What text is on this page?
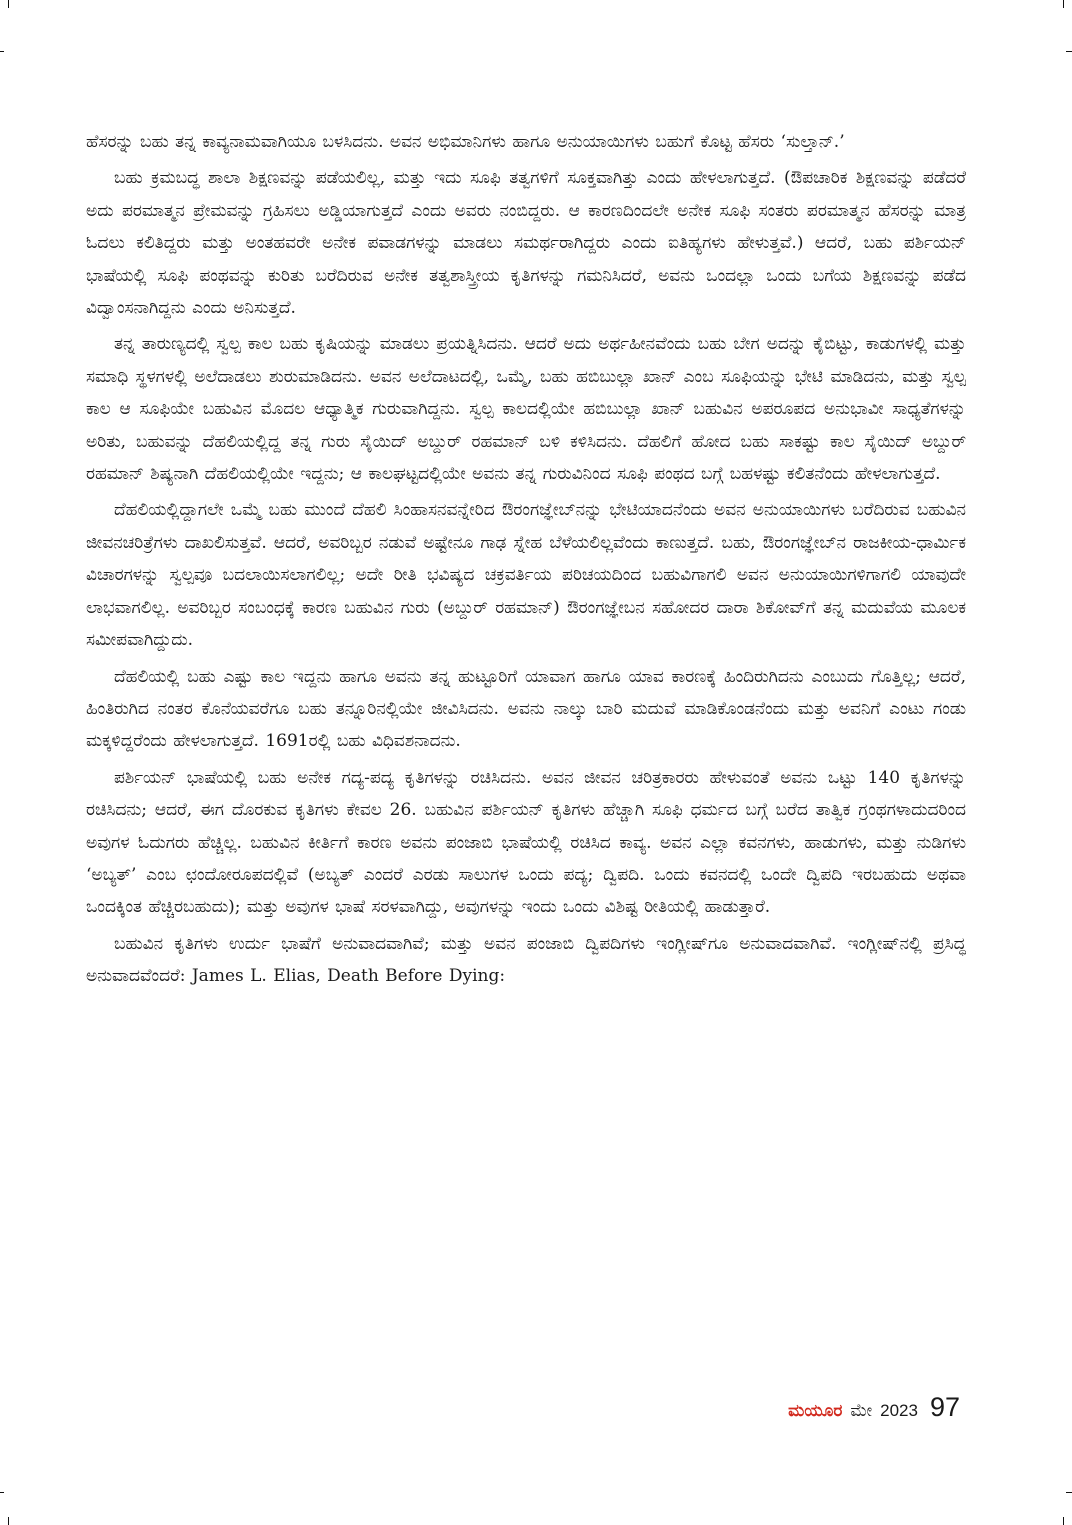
ಹೆಸರನ್ನು ಬಹು ತನ್ನ ಕಾವ್ಯನಾಮವಾಗಿಯೂ ಬಳಸಿದನು. ಅವನ ಅಭಿಮಾನಿಗಳು ಹಾಗೂ ಅನುಯಾಯಿಗಳು ಬಹುಗೆ ಕೊಟ್ಟ ಹೆಸರು ‘ಸುಲ್ತಾನ್.’

ಬಹು ಕ್ರಮಬದ್ಧ ಶಾಲಾ ಶಿಕ್ಷಣವನ್ನು ಪಡೆಯಲಿಲ್ಲ, ಮತ್ತು ಇದು ಸೂಫಿ ತತ್ವಗಳಿಗೆ ಸೂಕ್ತವಾಗಿತ್ತು ಎಂದು ಹೇಳಲಾಗುತ್ತದೆ. (ಔಪಚಾರಿಕ ಶಿಕ್ಷಣವನ್ನು ಪಡೆದರೆ ಅದು ಪರಮಾತ್ಮನ ಪ್ರೇಮವನ್ನು ಗ್ರಹಿಸಲು ಅಡ್ಡಿಯಾಗುತ್ತದೆ ಎಂದು ಅವರು ನಂಬಿದ್ದರು. ಆ ಕಾರಣದಿಂದಲೇ ಅನೇಕ ಸೂಫಿ ಸಂತರು ಪರಮಾತ್ಮನ ಹೆಸರನ್ನು ಮಾತ್ರ ಓದಲು ಕಲಿತಿದ್ದರು ಮತ್ತು ಅಂತಹವರೇ ಅನೇಕ ಪವಾಡಗಳನ್ನು ಮಾಡಲು ಸಮರ್ಥರಾಗಿದ್ದರು ಎಂದು ಐತಿಹ್ಯಗಳು ಹೇಳುತ್ತವೆ.) ಆದರೆ, ಬಹು ಪರ್ಶಿಯನ್ ಭಾಷೆಯಲ್ಲಿ ಸೂಫಿ ಪಂಥವನ್ನು ಕುರಿತು ಬರೆದಿರುವ ಅನೇಕ ತತ್ವಶಾಸ್ತ್ರೀಯ ಕೃತಿಗಳನ್ನು ಗಮನಿಸಿದರೆ, ಅವನು ಒಂದಲ್ಲಾ ಒಂದು ಬಗೆಯ ಶಿಕ್ಷಣವನ್ನು ಪಡೆದ ವಿದ್ವಾಂಸನಾಗಿದ್ದನು ಎಂದು ಅನಿಸುತ್ತದೆ.

ತನ್ನ ತಾರುಣ್ಯದಲ್ಲಿ ಸ್ವಲ್ಪ ಕಾಲ ಬಹು ಕೃಷಿಯನ್ನು ಮಾಡಲು ಪ್ರಯತ್ನಿಸಿದನು. ಆದರೆ ಅದು ಅರ್ಥಹೀನವೆಂದು ಬಹು ಬೇಗ ಅದನ್ನು ಕೈಬಿಟ್ಟು, ಕಾಡುಗಳಲ್ಲಿ ಮತ್ತು ಸಮಾಧಿ ಸ್ಥಳಗಳಲ್ಲಿ ಅಲೆದಾಡಲು ಶುರುಮಾಡಿದನು. ಅವನ ಅಲೆದಾಟದಲ್ಲಿ, ಒಮ್ಮೆ, ಬಹು ಹಬಿಬುಲ್ಲಾ ಖಾನ್ ಎಂಬ ಸೂಫಿಯನ್ನು ಭೇಟಿ ಮಾಡಿದನು, ಮತ್ತು ಸ್ವಲ್ಪ ಕಾಲ ಆ ಸೂಫಿಯೇ ಬಹುವಿನ ಮೊದಲ ಆಧ್ಯಾತ್ಮಿಕ ಗುರುವಾಗಿದ್ದನು. ಸ್ವಲ್ಪ ಕಾಲದಲ್ಲಿಯೇ ಹಬಿಬುಲ್ಲಾ ಖಾನ್ ಬಹುವಿನ ಅಪರೂಪದ ಅನುಭಾವೀ ಸಾಧ್ಯತೆಗಳನ್ನು ಅರಿತು, ಬಹುವನ್ನು ದೆಹಲಿಯಲ್ಲಿದ್ದ ತನ್ನ ಗುರು ಸೈಯಿದ್ ಅಬ್ದುರ್ ರಹಮಾನ್ ಬಳಿ ಕಳಿಸಿದನು. ದೆಹಲಿಗೆ ಹೋದ ಬಹು ಸಾಕಷ್ಟು ಕಾಲ ಸೈಯಿದ್ ಅಬ್ದುರ್ ರಹಮಾನ್ ಶಿಷ್ಯನಾಗಿ ದೆಹಲಿಯಲ್ಲಿಯೇ ಇದ್ದನು; ಆ ಕಾಲಘಟ್ಟದಲ್ಲಿಯೇ ಅವನು ತನ್ನ ಗುರುವಿನಿಂದ ಸೂಫಿ ಪಂಥದ ಬಗ್ಗೆ ಬಹಳಷ್ಟು ಕಲಿತನೆಂದು ಹೇಳಲಾಗುತ್ತದೆ.

ದೆಹಲಿಯಲ್ಲಿದ್ದಾಗಲೇ ಒಮ್ಮೆ ಬಹು ಮುಂದೆ ದೆಹಲಿ ಸಿಂಹಾಸನವನ್ನೇರಿದ ಔರಂಗಜ್ಞೇಬ್‌ನನ್ನು ಭೇಟಿಯಾದನೆಂದು ಅವನ ಅನುಯಾಯಿಗಳು ಬರೆದಿರುವ ಬಹುವಿನ ಜೀವನಚರಿತ್ರೆಗಳು ದಾಖಲಿಸುತ್ತವೆ. ಆದರೆ, ಅವರಿಬ್ಬರ ನಡುವೆ ಅಷ್ಟೇನೂ ಗಾಢ ಸ್ನೇಹ ಬೆಳೆಯಲಿಲ್ಲವೆಂದು ಕಾಣುತ್ತದೆ. ಬಹು, ಔರಂಗಜ್ಞೇಬ್‌ನ ರಾಜಕೀಯ-ಧಾರ್ಮಿಕ ವಿಚಾರಗಳನ್ನು ಸ್ವಲ್ಪವೂ ಬದಲಾಯಿಸಲಾಗಲಿಲ್ಲ; ಅದೇ ರೀತಿ ಭವಿಷ್ಯದ ಚಕ್ರವರ್ತಿಯ ಪರಿಚಯದಿಂದ ಬಹುವಿಗಾಗಲಿ ಅವನ ಅನುಯಾಯಿಗಳಿಗಾಗಲಿ ಯಾವುದೇ ಲಾಭವಾಗಲಿಲ್ಲ. ಅವರಿಬ್ಬರ ಸಂಬಂಧಕ್ಕೆ ಕಾರಣ ಬಹುವಿನ ಗುರು (ಅಬ್ದುರ್ ರಹಮಾನ್) ಔರಂಗಜ್ಞೇಬನ ಸಹೋದರ ದಾರಾ ಶಿಕೋವ್‌ಗೆ ತನ್ನ ಮದುವೆಯ ಮೂಲಕ ಸಮೀಪವಾಗಿದ್ದುದು.

ದೆಹಲಿಯಲ್ಲಿ ಬಹು ಎಷ್ಟು ಕಾಲ ಇದ್ದನು ಹಾಗೂ ಅವನು ತನ್ನ ಹುಟ್ಟೂರಿಗೆ ಯಾವಾಗ ಹಾಗೂ ಯಾವ ಕಾರಣಕ್ಕೆ ಹಿಂದಿರುಗಿದನು ಎಂಬುದು ಗೊತ್ತಿಲ್ಲ; ಆದರೆ, ಹಿಂತಿರುಗಿದ ನಂತರ ಕೊನೆಯವರೆಗೂ ಬಹು ತನ್ನೂರಿನಲ್ಲಿಯೇ ಜೀವಿಸಿದನು. ಅವನು ನಾಲ್ಕು ಬಾರಿ ಮದುವೆ ಮಾಡಿಕೊಂಡನೆಂದು ಮತ್ತು ಅವನಿಗೆ ಎಂಟು ಗಂಡು ಮಕ್ಕಳಿದ್ದರೆಂದು ಹೇಳಲಾಗುತ್ತದೆ. 1691ರಲ್ಲಿ ಬಹು ವಿಧಿವಶನಾದನು.

ಪರ್ಶಿಯನ್ ಭಾಷೆಯಲ್ಲಿ ಬಹು ಅನೇಕ ಗದ್ಯ-ಪದ್ಯ ಕೃತಿಗಳನ್ನು ರಚಿಸಿದನು. ಅವನ ಜೀವನ ಚರಿತ್ರಕಾರರು ಹೇಳುವಂತೆ ಅವನು ಒಟ್ಟು 140 ಕೃತಿಗಳನ್ನು ರಚಿಸಿದನು; ಆದರೆ, ಈಗ ದೊರಕುವ ಕೃತಿಗಳು ಕೇವಲ 26. ಬಹುವಿನ ಪರ್ಶಿಯನ್ ಕೃತಿಗಳು ಹೆಚ್ಚಾಗಿ ಸೂಫಿ ಧರ್ಮದ ಬಗ್ಗೆ ಬರೆದ ತಾತ್ವಿಕ ಗ್ರಂಥಗಳಾದುದರಿಂದ ಅವುಗಳ ಓದುಗರು ಹೆಚ್ಚಿಲ್ಲ. ಬಹುವಿನ ಕೀರ್ತಿಗೆ ಕಾರಣ ಅವನು ಪಂಜಾಬಿ ಭಾಷೆಯಲ್ಲಿ ರಚಿಸಿದ ಕಾವ್ಯ. ಅವನ ಎಲ್ಲಾ ಕವನಗಳು, ಹಾಡುಗಳು, ಮತ್ತು ನುಡಿಗಳು ‘ಅಬ್ಯತ್’ ಎಂಬ ಛಂದೋರೂಪದಲ್ಲಿವೆ (ಅಬ್ಯತ್ ಎಂದರೆ ಎರಡು ಸಾಲುಗಳ ಒಂದು ಪದ್ಯ; ದ್ವಿಪದಿ. ಒಂದು ಕವನದಲ್ಲಿ ಒಂದೇ ದ್ವಿಪದಿ ಇರಬಹುದು ಅಥವಾ ಒಂದಕ್ಕಿಂತ ಹೆಚ್ಚಿರಬಹುದು); ಮತ್ತು ಅವುಗಳ ಭಾಷೆ ಸರಳವಾಗಿದ್ದು, ಅವುಗಳನ್ನು ಇಂದು ಒಂದು ವಿಶಿಷ್ಟ ರೀತಿಯಲ್ಲಿ ಹಾಡುತ್ತಾರೆ.

ಬಹುವಿನ ಕೃತಿಗಳು ಉರ್ದು ಭಾಷೆಗೆ ಅನುವಾದವಾಗಿವೆ; ಮತ್ತು ಅವನ ಪಂಜಾಬಿ ದ್ವಿಪದಿಗಳು ಇಂಗ್ಲೀಷ್‌ಗೂ ಅನುವಾದವಾಗಿವೆ. ಇಂಗ್ಲೀಷ್‌ನಲ್ಲಿ ಪ್ರಸಿದ್ಧ ಅನುವಾದವೆಂದರೆ: James L. Elias, Death Before Dying:

ಮಯೂರ ಮೇ 2023 97
